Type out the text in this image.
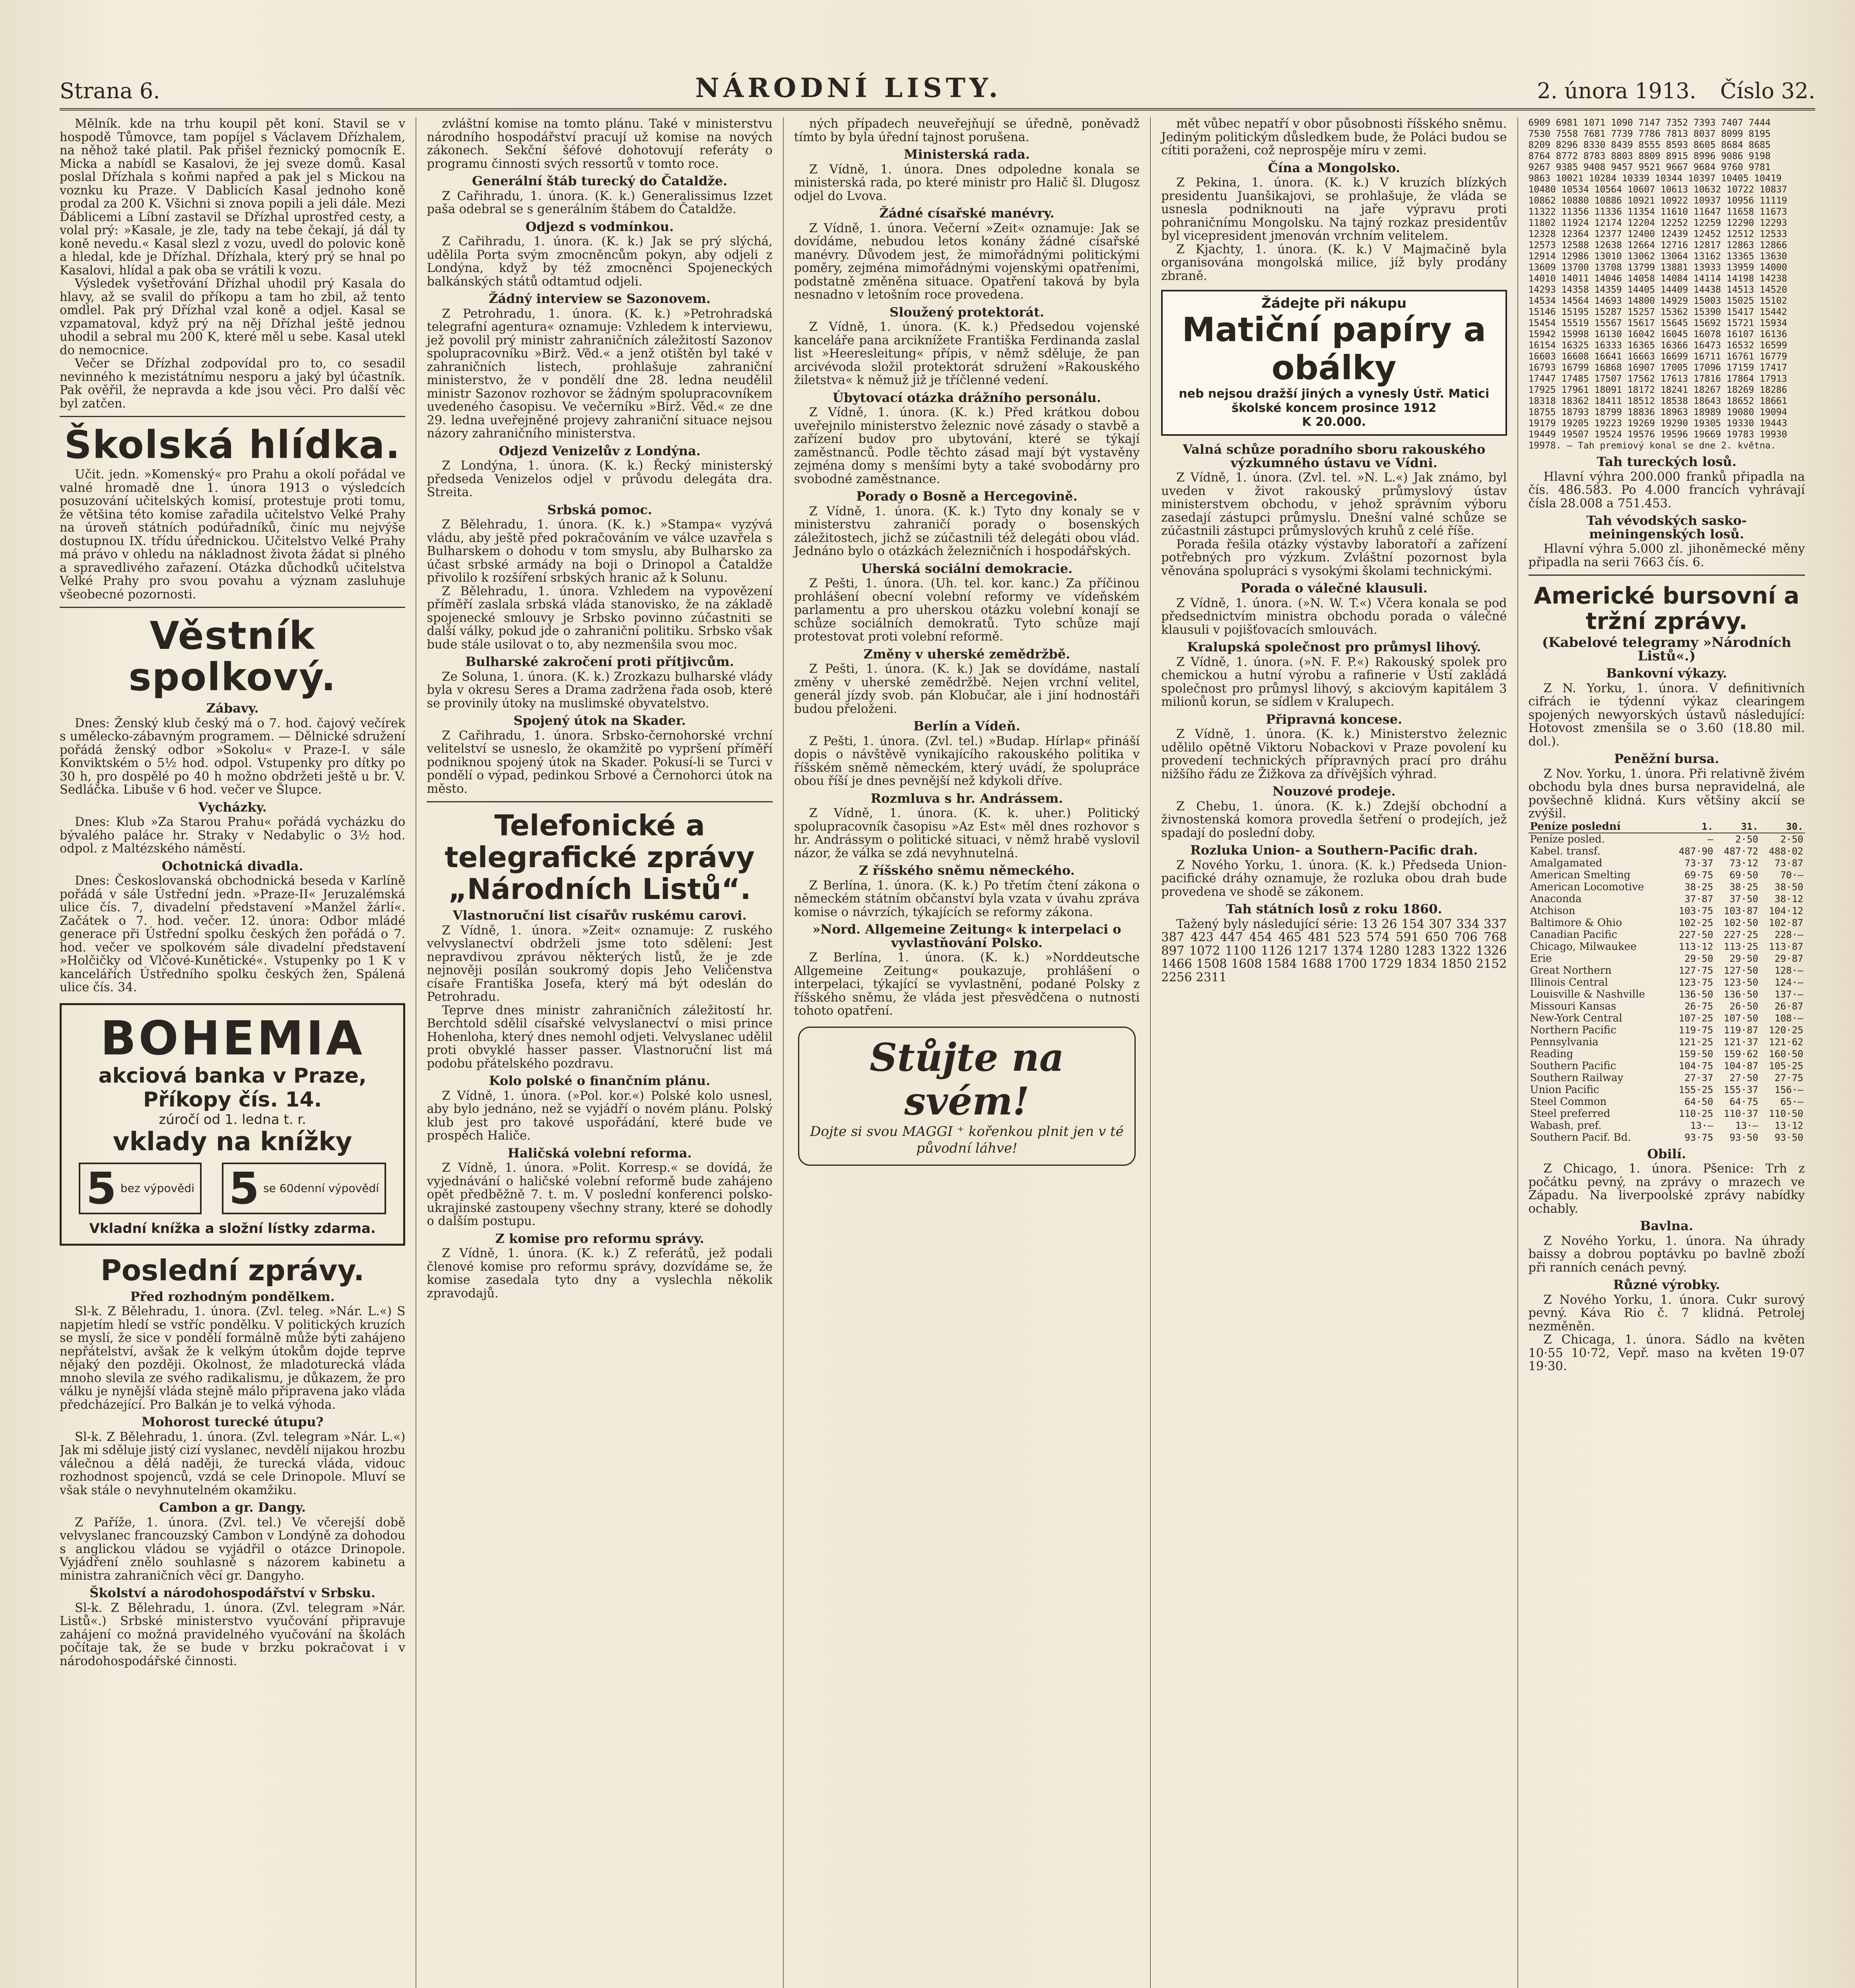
Strana 6.	NÁRODNÍ LISTY.	2. února 1913. Číslo 32.

Mělník. kde na trhu koupil pět koní. Stavil se v hospodě Tůmovce, tam popíjel s Václavem Dřízhalem, na něhož také platil. Pak přišel řeznický pomocník E. Micka a nabídl se Kasalovi, že jej sveze domů. Kasal poslal Dřízhala s koňmi napřed a pak jel s Mickou na voznku ku Praze. V Dablicích Kasal jednoho koně prodal za 200 K. Všichni si znova popili a jeli dále. Mezi Ďáblicemi a Líbní zastavil se Dřízhal uprostřed cesty, a volal prý: »Kasale, je zle, tady na tebe čekají, já dál ty koně nevedu.« Kasal slezl z vozu, uvedl do polovic koně a hledal, kde je Dřízhal. Dřízhala, který prý se hnal po Kasalovi, hlídal a pak oba se vrátili k vozu.

Výsledek vyšetřování Dřízhal uhodil prý Kasala do hlavy, až se svalil do příkopu a tam ho zbil, až tento omdlel. Pak prý Dřízhal vzal koně a odjel. Kasal se vzpamatoval, když prý na něj Dřízhal ještě jednou uhodil a sebral mu 200 K, které měl u sebe. Kasal utekl do nemocnice.

Večer se Dřízhal zodpovídal pro to, co sesadil nevinného k mezistátnímu nesporu a jaký byl účastník. Pak ověřil, že nepravda a kde jsou věci. Pro další věc byl zatčen.

Školská hlídka.

Učit. jedn. »Komenský« pro Prahu a okolí pořádal ve valné hromadě dne 1. února 1913 o výsledcích posuzování učitelských komisí, protestuje proti tomu, že většina této komise zařadila učitelstvo Velké Prahy na úroveň státních podúřadníků, činíc mu nejvýše dostupnou IX. třídu úřednickou. Učitelstvo Velké Prahy má právo v ohledu na nákladnost života žádat si plného a spravedlivého zařazení. Otázka důchodků učitelstva Velké Prahy pro svou povahu a význam zasluhuje všeobecné pozornosti.

Věstník spolkový.
Zábavy.

Dnes: Ženský klub český má o 7. hod. čajový večírek s umělecko-zábavným programem. — Dělnické sdružení pořádá ženský odbor »Sokolu« v Praze-I. v sále Konviktském o 5½ hod. odpol. Vstupenky pro dítky po 30 h, pro dospělé po 40 h možno obdržeti ještě u br. V. Sedláčka. Libuše v 6 hod. večer ve Šlupce.

Vycházky.

Dnes: Klub »Za Starou Prahu« pořádá vycházku do bývalého paláce hr. Straky v Nedabylic o 3½ hod. odpol. z Maltézského náměstí.

Ochotnická divadla.

Dnes: Českoslovanská obchodnická beseda v Karlíně pořádá v sále Ústřední jedn. »Praze-II« Jeruzalémská ulice čís. 7, divadelní představení »Manžel žárlí«. Začátek o 7. hod. večer. 12. února: Odbor mládé generace při Ústřední spolku českých žen pořádá o 7. hod. večer ve spolkovém sále divadelní představení »Holčičky od Vlčové-Kunětické«. Vstupenky po 1 K v kancelářích Ústředního spolku českých žen, Spálená ulice čís. 34.

BOHEMIA
akciová banka v Praze,
Příkopy čís. 14.
zúročí od 1. ledna t. r.
vklady na knížky
5 bez výpovědi 5 se 60denní výpovědí
Vkladní knížka a složní lístky zdarma.
Poslední zprávy.
Před rozhodným pondělkem.

Sl-k. Z Bělehradu, 1. února. (Zvl. teleg. »Nár. L.«) S napjetím hledí se vstříc pondělku. V politických kruzích se myslí, že sice v pondělí formálně může býti zahájeno nepřátelství, avšak že k velkým útokům dojde teprve nějaký den později. Okolnost, že mladoturecká vláda mnoho slevila ze svého radikalismu, je důkazem, že pro válku je nynější vláda stejně málo připravena jako vláda předcházející. Pro Balkán je to velká výhoda.

Mohorost turecké útupu?

Sl-k. Z Bělehradu, 1. února. (Zvl. telegram »Nár. L.«) Jak mi sděluje jistý cizí vyslanec, nevdělí nijakou hrozbu válečnou a dělá naději, že turecká vláda, vidouc rozhodnost spojenců, vzdá se cele Drinopole. Mluví se však stále o nevyhnutelném okamžiku.

Cambon a gr. Dangy.

Z Paříže, 1. února. (Zvl. tel.) Ve včerejší době velvyslanec francouzský Cambon v Londýně za dohodou s anglickou vládou se vyjádřil o otázce Drinopole. Vyjádření znělo souhlasně s názorem kabinetu a ministra zahraničních věcí gr. Dangyho.

Školství a národohospodářství v Srbsku.

Sl-k. Z Bělehradu, 1. února. (Zvl. telegram »Nár. Listů«.) Srbské ministerstvo vyučování připravuje zahájení co možná pravidelného vyučování na školách počítaje tak, že se bude v brzku pokračovat i v národohospodářské činnosti.

zvláštní komise na tomto plánu. Také v ministerstvu národního hospodářství pracují už komise na nových zákonech. Sekční šéfové dohotovují referáty o programu činnosti svých ressortů v tomto roce.

Generální štáb turecký do Čataldže.

Z Cařihradu, 1. února. (K. k.) Generalissimus Izzet paša odebral se s generálním štábem do Čataldže.

Odjezd s vodmínkou.

Z Cařihradu, 1. února. (K. k.) Jak se prý slýchá, udělila Porta svým zmocněncům pokyn, aby odjeli z Londýna, když by též zmocněnci Spojeneckých balkánských států odtamtud odjeli.

Žádný interview se Sazonovem.

Z Petrohradu, 1. února. (K. k.) »Petrohradská telegrafní agentura« oznamuje: Vzhledem k interviewu, jež povolil prý ministr zahraničních záležitostí Sazonov spolupracovníku »Birž. Věd.« a jenž otištěn byl také v zahraničních listech, prohlašuje zahraniční ministerstvo, že v pondělí dne 28. ledna neudělil ministr Sazonov rozhovor se žádným spolupracovníkem uvedeného časopisu. Ve večerníku »Birž. Věd.« ze dne 29. ledna uveřejněné projevy zahraniční situace nejsou názory zahraničního ministerstva.

Odjezd Venizelův z Londýna.

Z Londýna, 1. února. (K. k.) Řecký ministerský předseda Venizelos odjel v průvodu delegáta dra. Streita.

Srbská pomoc.

Z Bělehradu, 1. února. (K. k.) »Stampa« vyzývá vládu, aby ještě před pokračováním ve válce uzavřela s Bulharskem o dohodu v tom smyslu, aby Bulharsko za účast srbské armády na boji o Drinopol a Čataldže přivolilo k rozšíření srbských hranic až k Solunu.

Z Bělehradu, 1. února. Vzhledem na vypovězení příměří zaslala srbská vláda stanovisko, že na základě spojenecké smlouvy je Srbsko povinno zúčastniti se další války, pokud jde o zahraniční politiku. Srbsko však bude stále usilovat o to, aby nezmenšila svou moc.

Bulharské zakročení proti přítjivcům.

Ze Soluna, 1. února. (K. k.) Zrozkazu bulharské vlády byla v okresu Seres a Drama zadržena řada osob, které se provinily útoky na muslimské obyvatelstvo.

Spojený útok na Skader.

Z Cařihradu, 1. února. Srbsko-černohorské vrchní velitelství se usneslo, že okamžitě po vypršení příměří podniknou spojený útok na Skader. Pokusí-li se Turci v pondělí o výpad, pedinkou Srbové a Černohorci útok na město.

Telefonické a telegrafické zprávy „Národních Listů“.
Vlastnoruční list císařův ruskému carovi.

Z Vídně, 1. února. »Zeit« oznamuje: Z ruského velvyslanectví obdrželi jsme toto sdělení: Jest nepravdivou zprávou některých listů, že je zde nejnověji posílán soukromý dopis Jeho Veličenstva císaře Františka Josefa, který má být odeslán do Petrohradu.

Teprve dnes ministr zahraničních záležitostí hr. Berchtold sdělil císařské velvyslanectví o misi prince Hohenloha, který dnes nemohl odjeti. Velvyslanec udělil proti obvyklé hasser passer. Vlastnoruční list má podobu přátelského pozdravu.

Kolo polské o finančním plánu.

Z Vídně, 1. února. (»Pol. kor.«) Polské kolo usnesl, aby bylo jednáno, než se vyjádří o novém plánu. Polský klub jest pro takové uspořádání, které bude ve prospěch Haliče.

Haličská volební reforma.

Z Vídně, 1. února. »Polit. Korresp.« se dovídá, že vyjednávání o haličské volební reformě bude zahájeno opět předběžně 7. t. m. V poslední konferenci polsko-ukrajinské zastoupeny všechny strany, které se dohodly o dalším postupu.

Z komise pro reformu správy.

Z Vídně, 1. února. (K. k.) Z referátů, jež podali členové komise pro reformu správy, dozvídáme se, že komise zasedala tyto dny a vyslechla několik zpravodajů.

ných případech neuveřejňují se úředně, poněvadž tímto by byla úřední tajnost porušena.

Ministerská rada.

Z Vídně, 1. února. Dnes odpoledne konala se ministerská rada, po které ministr pro Halič šl. Dlugosz odjel do Lvova.

Žádné císařské manévry.

Z Vídně, 1. února. Večerní »Zeit« oznamuje: Jak se dovídáme, nebudou letos konány žádné císařské manévry. Důvodem jest, že mimořádnými politickými poměry, zejména mimořádnými vojenskými opatřeními, podstatně změněna situace. Opatření taková by byla nesnadno v letošním roce provedena.

Sloužený protektorát.

Z Vídně, 1. února. (K. k.) Předsedou vojenské kanceláře pana arciknížete Františka Ferdinanda zaslal list »Heeresleitung« přípis, v němž sděluje, že pan arcivévoda složil protektorát sdružení »Rakouského žiletstva« k němuž již je tříčlenné vedení.

Úbytovací otázka drážního personálu.

Z Vídně, 1. února. (K. k.) Před krátkou dobou uveřejnilo ministerstvo železnic nové zásady o stavbě a zařízení budov pro ubytování, které se týkají zaměstnanců. Podle těchto zásad mají být vystavěny zejména domy s menšími byty a také svobodárny pro svobodné zaměstnance.

Porady o Bosně a Hercegovině.

Z Vídně, 1. února. (K. k.) Tyto dny konaly se v ministerstvu zahraničí porady o bosenských záležitostech, jichž se zúčastnili též delegáti obou vlád. Jednáno bylo o otázkách železničních i hospodářských.

Uherská sociální demokracie.

Z Pešti, 1. února. (Uh. tel. kor. kanc.) Za příčinou prohlášení obecní volební reformy ve vídeňském parlamentu a pro uherskou otázku volební konají se schůze sociálních demokratů. Tyto schůze mají protestovat proti volební reformě.

Změny v uherské zemědržbě.

Z Pešti, 1. února. (K. k.) Jak se dovídáme, nastalí změny v uherské zemědržbě. Nejen vrchní velitel, generál jízdy svob. pán Klobučar, ale i jiní hodnostáři budou přeloženi.

Berlín a Vídeň.

Z Pešti, 1. února. (Zvl. tel.) »Budap. Hírlap« přináší dopis o návštěvě vynikajícího rakouského politika v říšském sněmě německém, který uvádí, že spolupráce obou říší je dnes pevnější než kdykoli dříve.

Rozmluva s hr. Andrássem.

Z Vídně, 1. února. (K. k. uher.) Politický spolupracovník časopisu »Az Est« měl dnes rozhovor s hr. Andrássym o politické situaci, v němž hrabě vyslovil názor, že válka se zdá nevyhnutelná.

Z říšského sněmu německého.

Z Berlína, 1. února. (K. k.) Po třetím čtení zákona o německém státním občanství byla vzata v úvahu zpráva komise o návrzích, týkajících se reformy zákona.

»Nord. Allgemeine Zeitung« k interpelaci o vyvlastňování Polsko.

Z Berlína, 1. února. (K. k.) »Norddeutsche Allgemeine Zeitung« poukazuje, prohlášení o interpelaci, týkající se vyvlastnění, podané Polsky z říšského sněmu, že vláda jest přesvědčena o nutnosti tohoto opatření.

Stůjte na
svém!
Dojte si svou MAGGI ⁺ kořenkou plnit jen v té původní láhve!

mět vůbec nepatří v obor působnosti říšského sněmu. Jediným politickým důsledkem bude, že Poláci budou se cítiti poraženi, což neprospěje míru v zemi.

Čína a Mongolsko.

Z Pekina, 1. února. (K. k.) V kruzích blízkých presidentu Juanšikajovi, se prohlašuje, že vláda se usnesla podniknouti na jaře výpravu proti pohraničnímu Mongolsku. Na tajný rozkaz presidentův byl vicepresident jmenován vrchním velitelem.

Z Kjachty, 1. února. (K. k.) V Majmačině byla organisována mongolská milice, jíž byly prodány zbraně.

Žádejte při nákupu
Matiční papíry a obálky
neb nejsou dražší jiných a vynesly Ústř. Matici školské koncem prosince 1912
K 20.000.
Valná schůze poradního sboru rakouského výzkumného ústavu ve Vídni.

Z Vídně, 1. února. (Zvl. tel. »N. L.«) Jak známo, byl uveden v život rakouský průmyslový ústav ministerstvem obchodu, v jehož správním výboru zasedají zástupci průmyslu. Dnešní valné schůze se zúčastnili zástupci průmyslových kruhů z celé říše.

Porada řešila otázky výstavby laboratoří a zařízení potřebných pro výzkum. Zvláštní pozornost byla věnována spolupráci s vysokými školami technickými.

Porada o válečné klausuli.

Z Vídně, 1. února. (»N. W. T.«) Včera konala se pod předsednictvím ministra obchodu porada o válečné klausuli v pojišťovacích smlouvách.

Kralupská společnost pro průmysl lihový.

Z Vídně, 1. února. (»N. F. P.«) Rakouský spolek pro chemickou a hutní výrobu a rafinerie v Ústí zakládá společnost pro průmysl lihový, s akciovým kapitálem 3 milionů korun, se sídlem v Kralupech.

Připravná koncese.

Z Vídně, 1. února. (K. k.) Ministerstvo železnic udělilo opětně Viktoru Nobackovi v Praze povolení ku provedení technických přípravných prací pro dráhu nižšího řádu ze Žižkova za dřívějších výhrad.

Nouzové prodeje.

Z Chebu, 1. února. (K. k.) Zdejší obchodní a živnostenská komora provedla šetření o prodejích, jež spadají do poslední doby.

Rozluka Union- a Southern-Pacific drah.

Z Nového Yorku, 1. února. (K. k.) Předseda Union-pacifické dráhy oznamuje, že rozluka obou drah bude provedena ve shodě se zákonem.

Tah státních losů z roku 1860.

Tažený byly následující série: 13 26 154 307 334 337 387 423 447 454 465 481 523 574 591 650 706 768 897 1072 1100 1126 1217 1374 1280 1283 1322 1326 1466 1508 1608 1584 1688 1700 1729 1834 1850 2152 2256 2311

6909 6981 1071 1090 7147 7352 7393 7407 7444
7530 7558 7681 7739 7786 7813 8037 8099 8195
8209 8296 8330 8439 8555 8593 8605 8684 8685
8764 8772 8783 8803 8809 8915 8996 9086 9198
9267 9385 9408 9457 9521 9667 9684 9760 9781
9863 10021 10284 10339 10344 10397 10405 10419
10480 10534 10564 10607 10613 10632 10722 10837
10862 10880 10886 10921 10922 10937 10956 11119
11322 11356 11336 11354 11610 11647 11658 11673
11802 11924 12174 12204 12252 12259 12290 12293
12328 12364 12377 12400 12439 12452 12512 12533
12573 12588 12638 12664 12716 12817 12863 12866
12914 12986 13010 13062 13064 13162 13365 13630
13609 13700 13708 13799 13881 13933 13959 14000
14010 14011 14046 14058 14084 14114 14198 14238
14293 14358 14359 14405 14409 14438 14513 14520
14534 14564 14693 14800 14929 15003 15025 15102
15146 15195 15287 15257 15362 15390 15417 15442
15454 15519 15567 15617 15645 15692 15721 15934
15942 15998 16130 16042 16045 16078 16107 16136
16154 16325 16333 16365 16366 16473 16532 16599
16603 16608 16641 16663 16699 16711 16761 16779
16793 16799 16868 16907 17005 17096 17159 17417
17447 17485 17507 17562 17613 17816 17864 17913
17925 17961 18091 18172 18241 18267 18269 18286
18318 18362 18411 18512 18538 18643 18652 18661
18755 18793 18799 18836 18963 18989 19080 19094
19179 19205 19223 19269 19290 19305 19330 19443
19449 19507 19524 19576 19596 19669 19783 19930
19978. — Tah premiový konal se dne 2. května.
Tah tureckých losů.

Hlavní výhra 200.000 franků připadla na čís. 486.583. Po 4.000 francích vyhrávají čísla 28.008 a 751.453.

Tah vévodských sasko-meiningenských losů.

Hlavní výhra 5.000 zl. jihoněmecké měny připadla na serii 7663 čís. 6.

Americké bursovní a tržní zprávy.
(Kabelové telegramy »Národních Listů«.)
Bankovní výkazy.

Z N. Yorku, 1. února. V definitivních cifrách ie týdenní výkaz clearingem spojených newyorských ústavů následující: Hotovost zmenšila se o 3.60 (18.80 mil. dol.).

Peněžní bursa.

Z Nov. Yorku, 1. února. Při relativně živém obchodu byla dnes bursa nepravidelná, ale povšechně klidná. Kurs většiny akcií se zvýšil.

Peníze poslední	1.	31.	30.
Peníze posled.	—	2·50	2·50
Kabel. transf.	487·90	487·72	488·02
Amalgamated	73·37	73·12	73·87
American Smelting	69·75	69·50	70·—
American Locomotive	38·25	38·25	38·50
Anaconda	37·87	37·50	38·12
Atchison	103·75	103·87	104·12
Baltimore & Ohio	102·25	102·50	102·87
Canadian Pacific	227·50	227·25	228·—
Chicago, Milwaukee	113·12	113·25	113·87
Erie	29·50	29·50	29·87
Great Northern	127·75	127·50	128·—
Illinois Central	123·75	123·50	124·—
Louisville & Nashville	136·50	136·50	137·—
Missouri Kansas	26·75	26·50	26·87
New-York Central	107·25	107·50	108·—
Northern Pacific	119·75	119·87	120·25
Pennsylvania	121·25	121·37	121·62
Reading	159·50	159·62	160·50
Southern Pacific	104·75	104·87	105·25
Southern Railway	27·37	27·50	27·75
Union Pacific	155·25	155·37	156·—
Steel Common	64·50	64·75	65·—
Steel preferred	110·25	110·37	110·50
Wabash, pref.	13·—	13·—	13·12
Southern Pacif. Bd.	93·75	93·50	93·50
Obilí.

Z Chicago, 1. února. Pšenice: Trh z počátku pevný, na zprávy o mrazech ve Západu. Na liverpoolské zprávy nabídky ochably.

Bavlna.

Z Nového Yorku, 1. února. Na úhrady baissy a dobrou poptávku po bavlně zboží při ranních cenách pevný.

Různé výrobky.

Z Nového Yorku, 1. února. Cukr surový pevný. Káva Rio č. 7 klidná. Petrolej nezměněn.

Z Chicaga, 1. února. Sádlo na květen 10·55 10·72, Vepř. maso na květen 19·07 19·30.
